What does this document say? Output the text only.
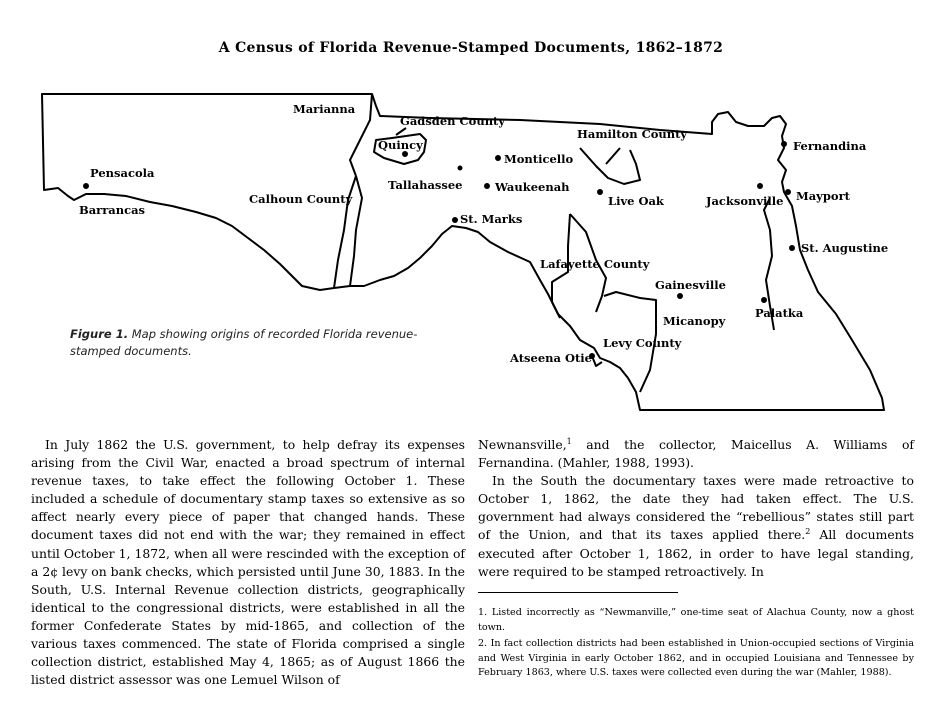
A Census of Florida Revenue-Stamped Documents, 1862–1872
Marianna
Gadsden County
Quincy
Hamilton County
Fernandina
Pensacola
Barrancas
Monticello
Tallahassee	Waukeenah
Calhoun County	Live Oak	Jacksonville Mayport
St. Marks
St. Augustine
Lafayette County
Gainesville
Palatka
Micanopy
Levy County
Atseena Otie
Figure 1. Map showing origins of recorded Florida revenue-stamped documents.

In July 1862 the U.S. government, to help defray its expenses arising from the Civil War, enacted a broad spectrum of internal revenue taxes, to take effect the following October 1. These included a schedule of documentary stamp taxes so extensive as so affect nearly every piece of paper that changed hands. These document taxes did not end with the war; they remained in effect until October 1, 1872, when all were rescinded with the exception of a 2¢ levy on bank checks, which persisted until June 30, 1883. In the South, U.S. Internal Revenue collection districts, geographically identical to the congressional districts, were established in all the former Confederate States by mid-1865, and collection of the various taxes commenced. The state of Florida comprised a single collection district, established May 4, 1865; as of August 1866 the listed district assessor was one Lemuel Wilson of

Newnansville,$^1$ and the collector, Maicellus A. Williams of Fernandina. (Mahler, 1988, 1993).

In the South the documentary taxes were made retroactive to October 1, 1862, the date they had taken effect. The U.S. government had always considered the “rebellious” states still part of the Union, and that its taxes applied there.$^2$ All documents executed after October 1, 1862, in order to have legal standing, were required to be stamped retroactively. In

1. Listed incorrectly as “Newmanville,” one-time seat of Alachua County, now a ghost town.
2. In fact collection districts had been established in Union-occupied sections of Virginia and West Virginia in early October 1862, and in occupied Louisiana and Tennessee by February 1863, where U.S. taxes were collected even during the war (Mahler, 1988).
